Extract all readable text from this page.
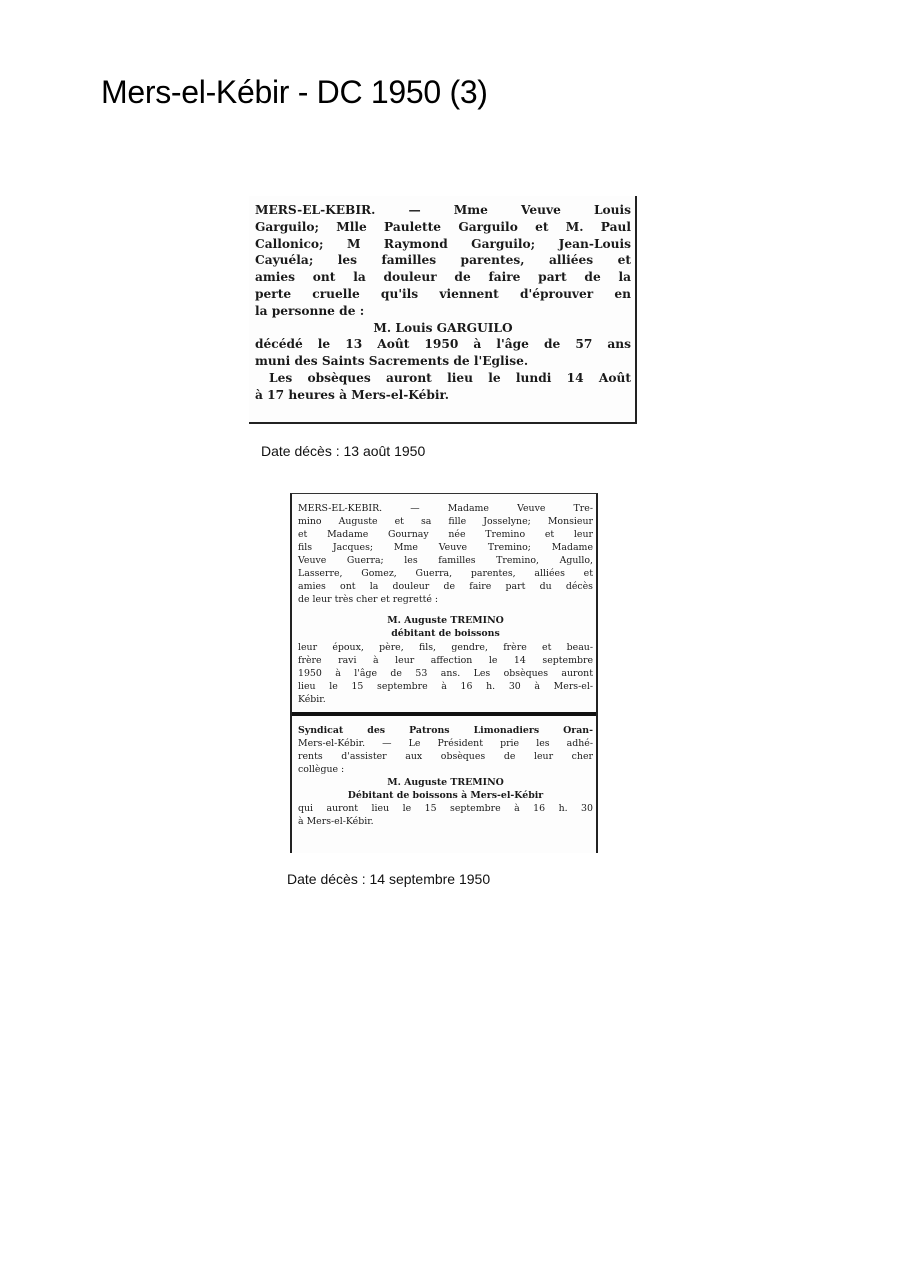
Mers-el-Kébir - DC 1950 (3)

MERS-EL-KEBIR. — Mme Veuve Louis

Garguilo; Mlle Paulette Garguilo et M. Paul

Callonico; M Raymond Garguilo; Jean-Louis

Cayuéla; les familles parentes, alliées et

amies ont la douleur de faire part de la

perte cruelle qu'ils viennent d'éprouver en

la personne de :

M. Louis GARGUILO

décédé le 13 Août 1950 à l'âge de 57 ans

muni des Saints Sacrements de l'Eglise.

Les obsèques auront lieu le lundi 14 Août

à 17 heures à Mers-el-Kébir.

Date décès : 13 août 1950

MERS-EL-KEBIR. — Madame Veuve Tre-

mino Auguste et sa fille Josselyne; Monsieur

et Madame Gournay née Tremino et leur

fils Jacques; Mme Veuve Tremino; Madame

Veuve Guerra; les familles Tremino, Agullo,

Lasserre, Gomez, Guerra, parentes, alliées et

amies ont la douleur de faire part du décès

de leur très cher et regretté :

M. Auguste TREMINO

débitant de boissons

leur époux, père, fils, gendre, frère et beau-

frère ravi à leur affection le 14 septembre

1950 à l'âge de 53 ans. Les obsèques auront

lieu le 15 septembre à 16 h. 30 à Mers-el-

Kébir.

Syndicat des Patrons Limonadiers Oran-

Mers-el-Kébir. — Le Président prie les adhé-

rents d'assister aux obsèques de leur cher

collègue :

M. Auguste TREMINO

Débitant de boissons à Mers-el-Kébir

qui auront lieu le 15 septembre à 16 h. 30

à Mers-el-Kébir.

Date décès : 14 septembre 1950
